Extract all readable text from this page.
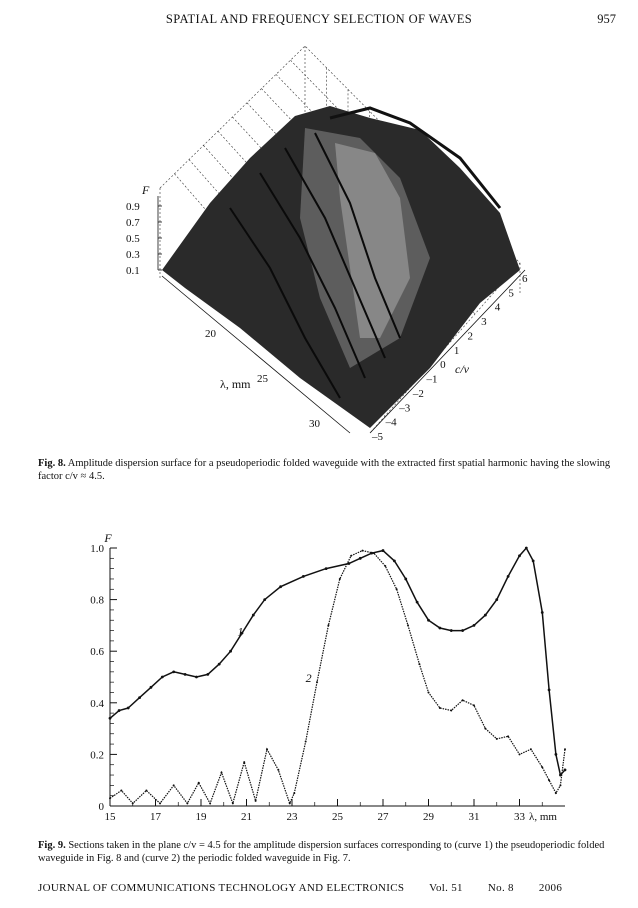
SPATIAL AND FREQUENCY SELECTION OF WAVES	957
F
0.9
0.7
0.5
0.3
0.1
20
25
30
λ, mm
6
5
4
3
2
1
0
–1
–2
–3
–4
–5
c/v
Fig. 8. Amplitude dispersion surface for a pseudoperiodic folded waveguide with the extracted first spatial harmonic having the slowing factor c/v ≈ 4.5.
0
0.2
0.4
0.6
0.8
1.0
15	17	19	21	23	25	27	29	31	33
F
λ, mm
1
2
Fig. 9. Sections taken in the plane c/v = 4.5 for the amplitude dispersion surfaces corresponding to (curve 1) the pseudoperiodic folded waveguide in Fig. 8 and (curve 2) the periodic folded waveguide in Fig. 7.
JOURNAL OF COMMUNICATIONS TECHNOLOGY AND ELECTRONICS Vol. 51 No. 8 2006
